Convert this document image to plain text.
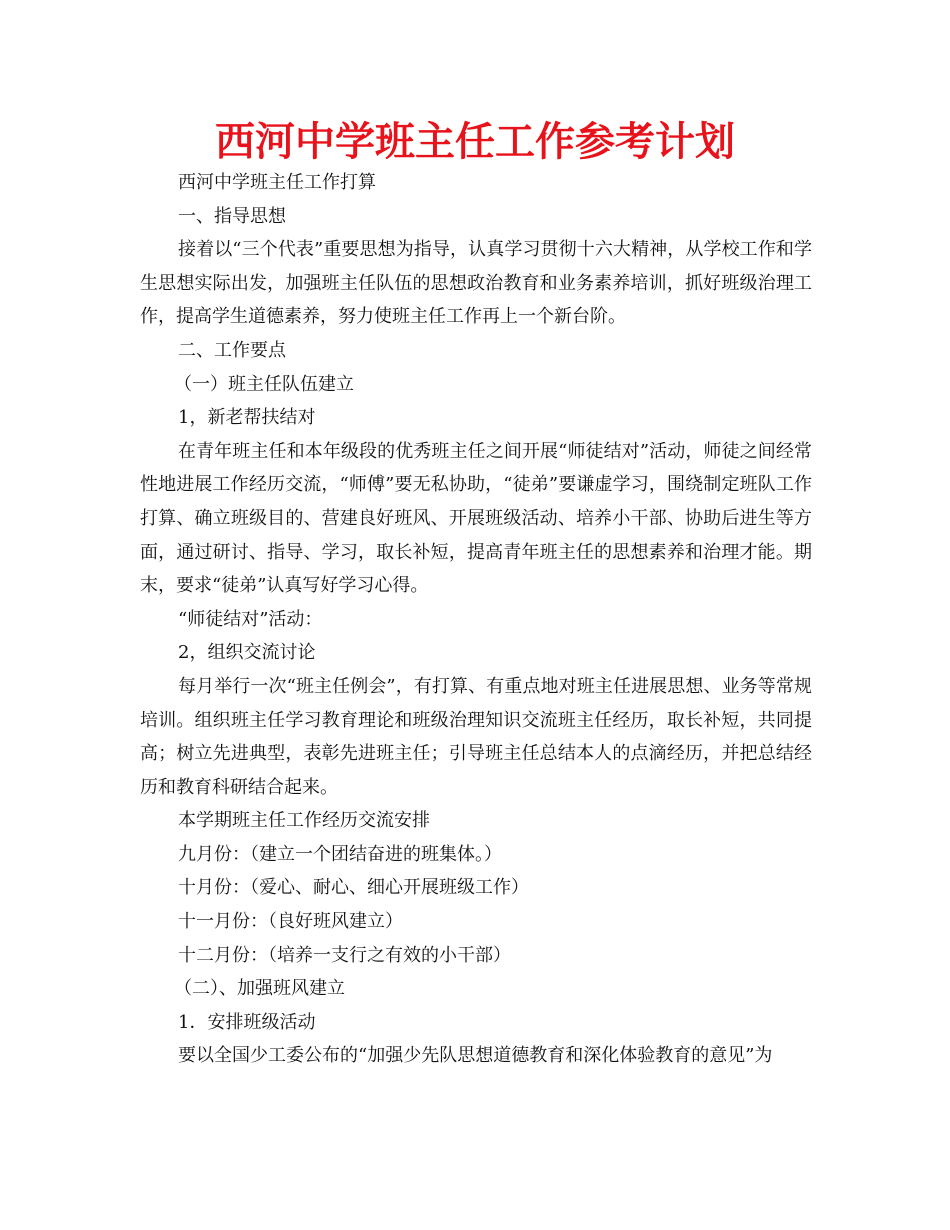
西河中学班主任工作参考计划

西河中学班主任工作打算

一、指导思想

接着以“三个代表”重要思想为指导，认真学习贯彻十六大精神，从学校工作和学生思想实际出发，加强班主任队伍的思想政治教育和业务素养培训，抓好班级治理工作，提高学生道德素养，努力使班主任工作再上一个新台阶。

二、工作要点

（一）班主任队伍建立

1，新老帮扶结对

在青年班主任和本年级段的优秀班主任之间开展“师徒结对”活动，师徒之间经常性地进展工作经历交流，“师傅”要无私协助，“徒弟”要谦虚学习，围绕制定班队工作打算、确立班级目的、营建良好班风、开展班级活动、培养小干部、协助后进生等方面，通过研讨、指导、学习，取长补短，提高青年班主任的思想素养和治理才能。期末，要求“徒弟”认真写好学习心得。

“师徒结对”活动：

2，组织交流讨论

每月举行一次“班主任例会”，有打算、有重点地对班主任进展思想、业务等常规培训。组织班主任学习教育理论和班级治理知识交流班主任经历，取长补短，共同提高；树立先进典型，表彰先进班主任；引导班主任总结本人的点滴经历，并把总结经历和教育科研结合起来。

本学期班主任工作经历交流安排

九月份：（建立一个团结奋进的班集体。）

十月份：（爱心、耐心、细心开展班级工作）

十一月份：（良好班风建立）

十二月份：（培养一支行之有效的小干部）

（二）、加强班风建立

1．安排班级活动

要以全国少工委公布的“加强少先队思想道德教育和深化体验教育的意见”为
